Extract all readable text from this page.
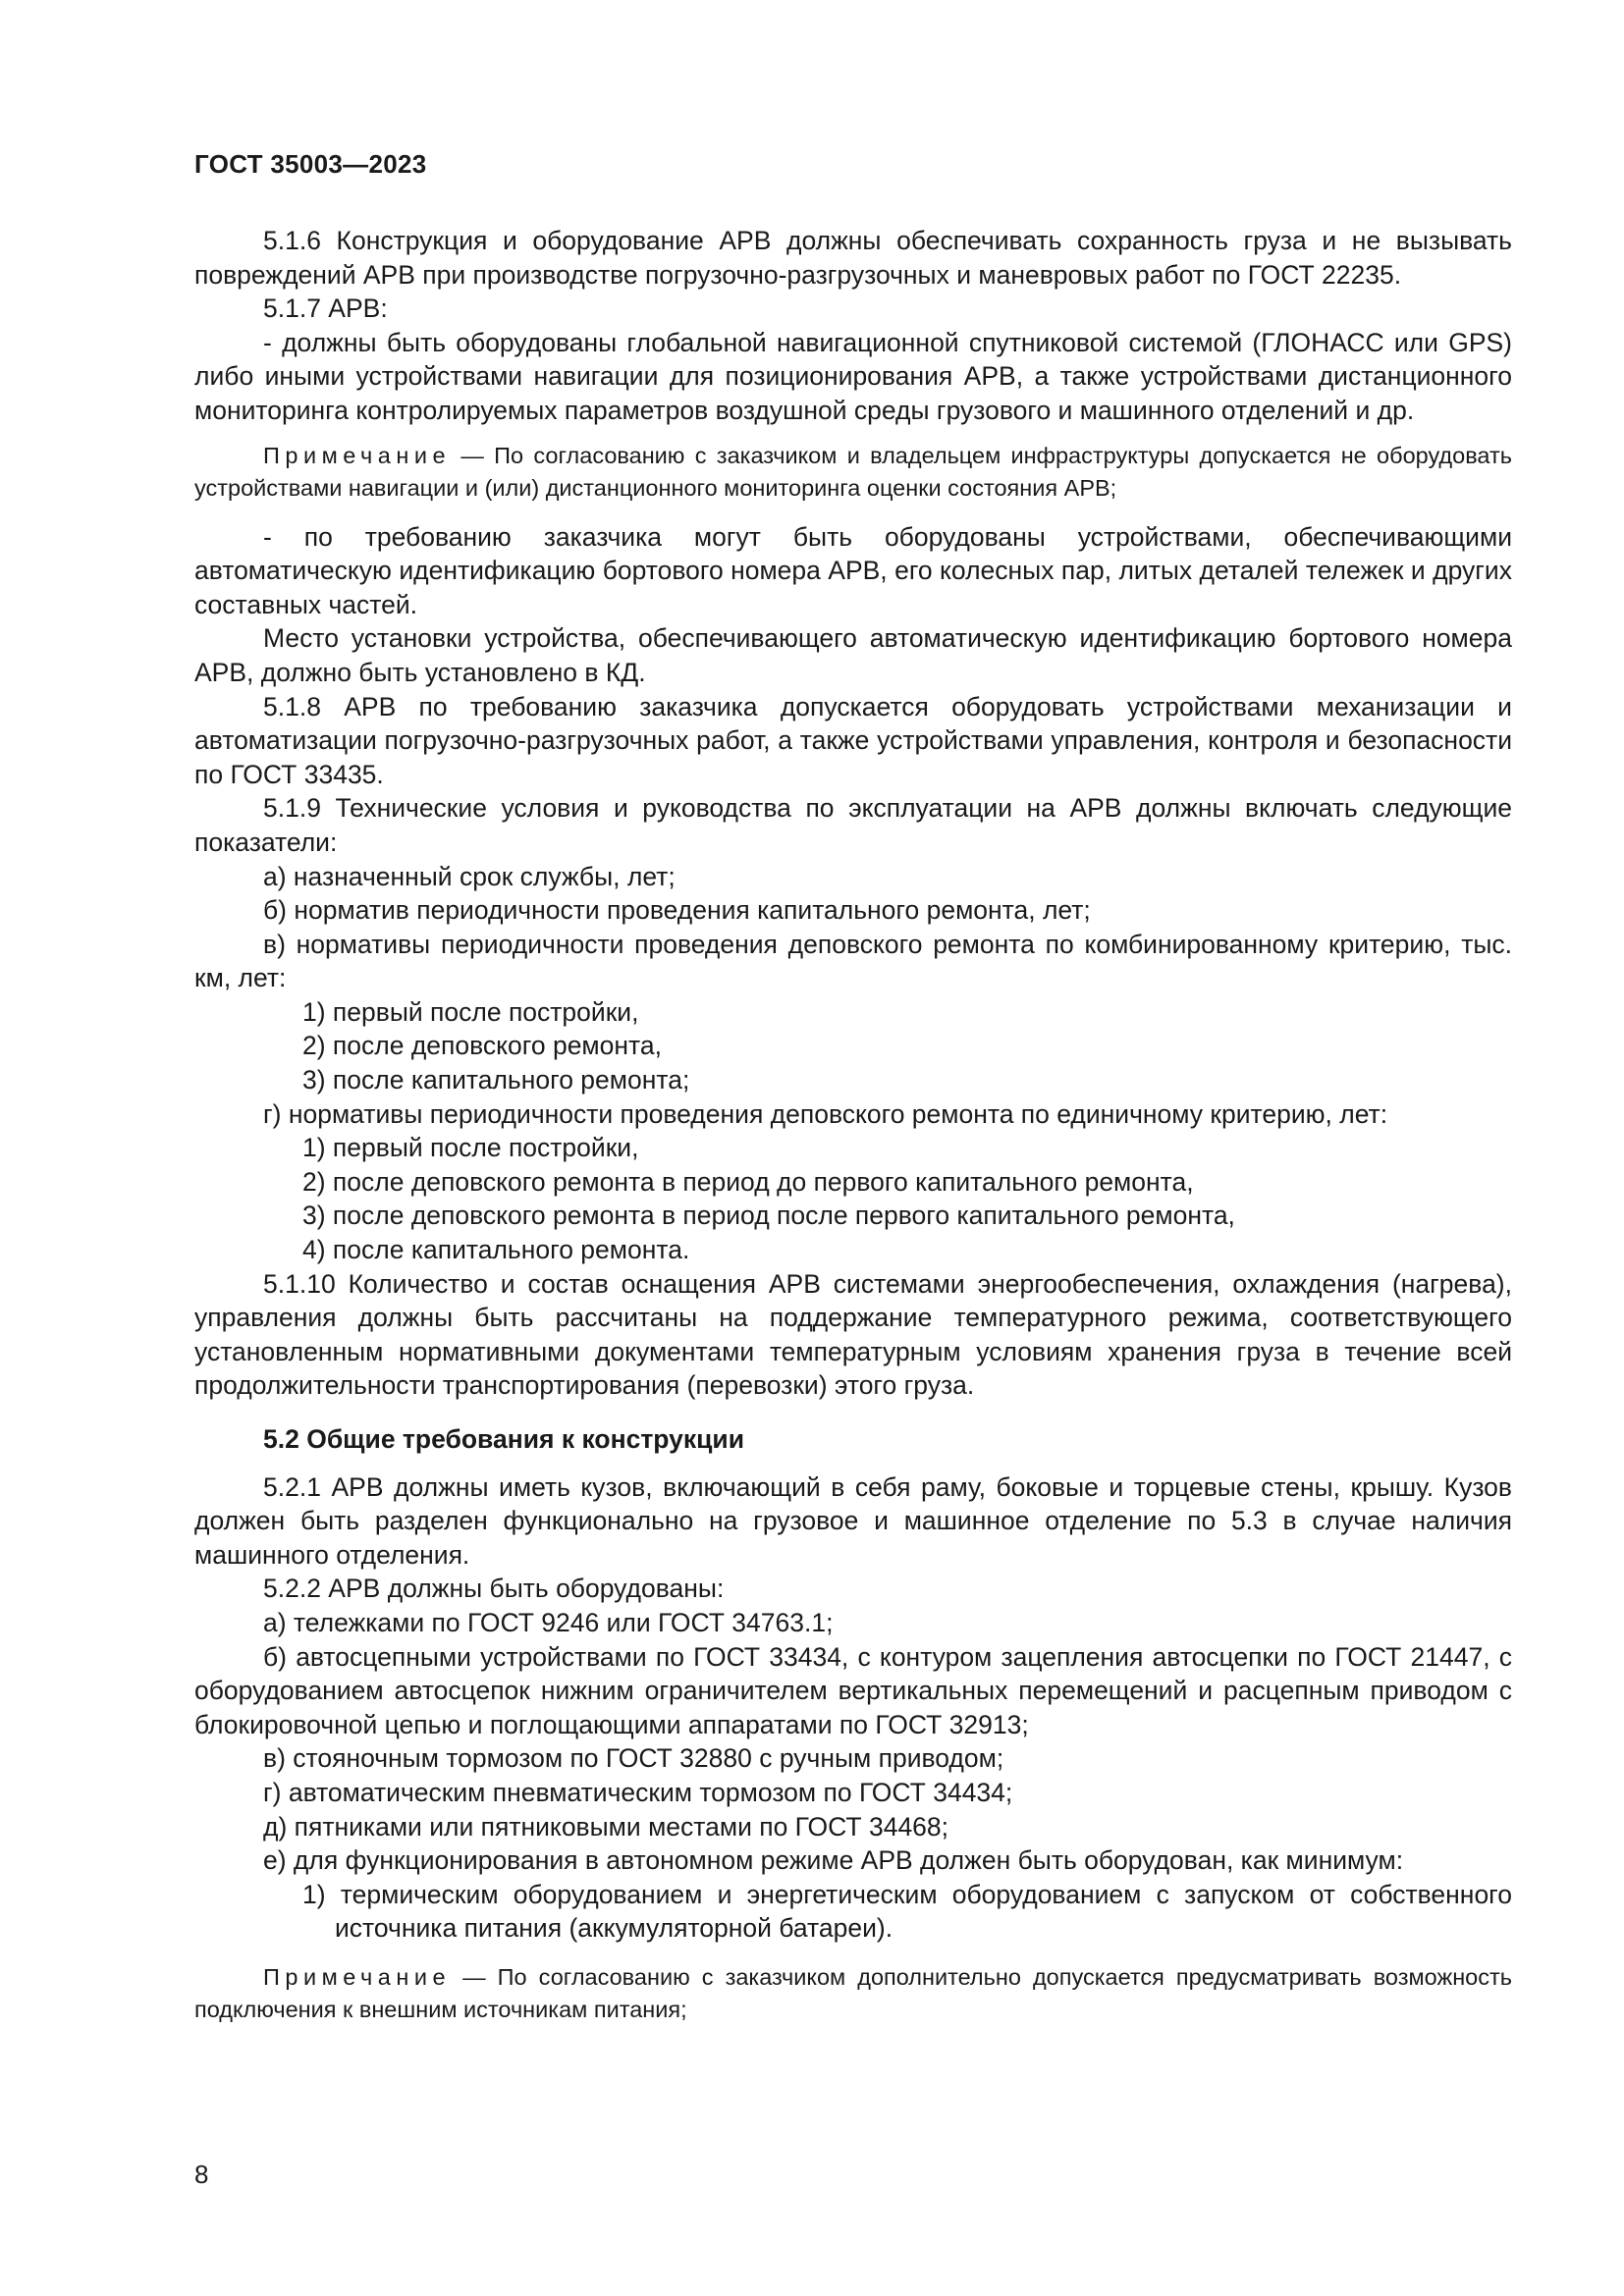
ГОСТ 35003—2023

5.1.6 Конструкция и оборудование АРВ должны обеспечивать сохранность груза и не вызывать повреждений АРВ при производстве погрузочно-разгрузочных и маневровых работ по ГОСТ 22235.

5.1.7 АРВ:

- должны быть оборудованы глобальной навигационной спутниковой системой (ГЛОНАСС или GPS) либо иными устройствами навигации для позиционирования АРВ, а также устройствами дистанционного мониторинга контролируемых параметров воздушной среды грузового и машинного отделений и др.

Примечание — По согласованию с заказчиком и владельцем инфраструктуры допускается не оборудовать устройствами навигации и (или) дистанционного мониторинга оценки состояния АРВ;

- по требованию заказчика могут быть оборудованы устройствами, обеспечивающими автоматическую идентификацию бортового номера АРВ, его колесных пар, литых деталей тележек и других составных частей.

Место установки устройства, обеспечивающего автоматическую идентификацию бортового номера АРВ, должно быть установлено в КД.

5.1.8 АРВ по требованию заказчика допускается оборудовать устройствами механизации и автоматизации погрузочно-разгрузочных работ, а также устройствами управления, контроля и безопасности по ГОСТ 33435.

5.1.9 Технические условия и руководства по эксплуатации на АРВ должны включать следующие показатели:

а) назначенный срок службы, лет;

б) норматив периодичности проведения капитального ремонта, лет;

в) нормативы периодичности проведения деповского ремонта по комбинированному критерию, тыс. км, лет:

1) первый после постройки,

2) после деповского ремонта,

3) после капитального ремонта;

г) нормативы периодичности проведения деповского ремонта по единичному критерию, лет:

1) первый после постройки,

2) после деповского ремонта в период до первого капитального ремонта,

3) после деповского ремонта в период после первого капитального ремонта,

4) после капитального ремонта.

5.1.10 Количество и состав оснащения АРВ системами энергообеспечения, охлаждения (нагрева), управления должны быть рассчитаны на поддержание температурного режима, соответствующего установленным нормативными документами температурным условиям хранения груза в течение всей продолжительности транспортирования (перевозки) этого груза.

5.2 Общие требования к конструкции

5.2.1 АРВ должны иметь кузов, включающий в себя раму, боковые и торцевые стены, крышу. Кузов должен быть разделен функционально на грузовое и машинное отделение по 5.3 в случае наличия машинного отделения.

5.2.2 АРВ должны быть оборудованы:

а) тележками по ГОСТ 9246 или ГОСТ 34763.1;

б) автосцепными устройствами по ГОСТ 33434, с контуром зацепления автосцепки по ГОСТ 21447, с оборудованием автосцепок нижним ограничителем вертикальных перемещений и расцепным приводом с блокировочной цепью и поглощающими аппаратами по ГОСТ 32913;

в) стояночным тормозом по ГОСТ 32880 с ручным приводом;

г) автоматическим пневматическим тормозом по ГОСТ 34434;

д) пятниками или пятниковыми местами по ГОСТ 34468;

е) для функционирования в автономном режиме АРВ должен быть оборудован, как минимум:

1) термическим оборудованием и энергетическим оборудованием с запуском от собственного источника питания (аккумуляторной батареи).

Примечание — По согласованию с заказчиком дополнительно допускается предусматривать возможность подключения к внешним источникам питания;

8
